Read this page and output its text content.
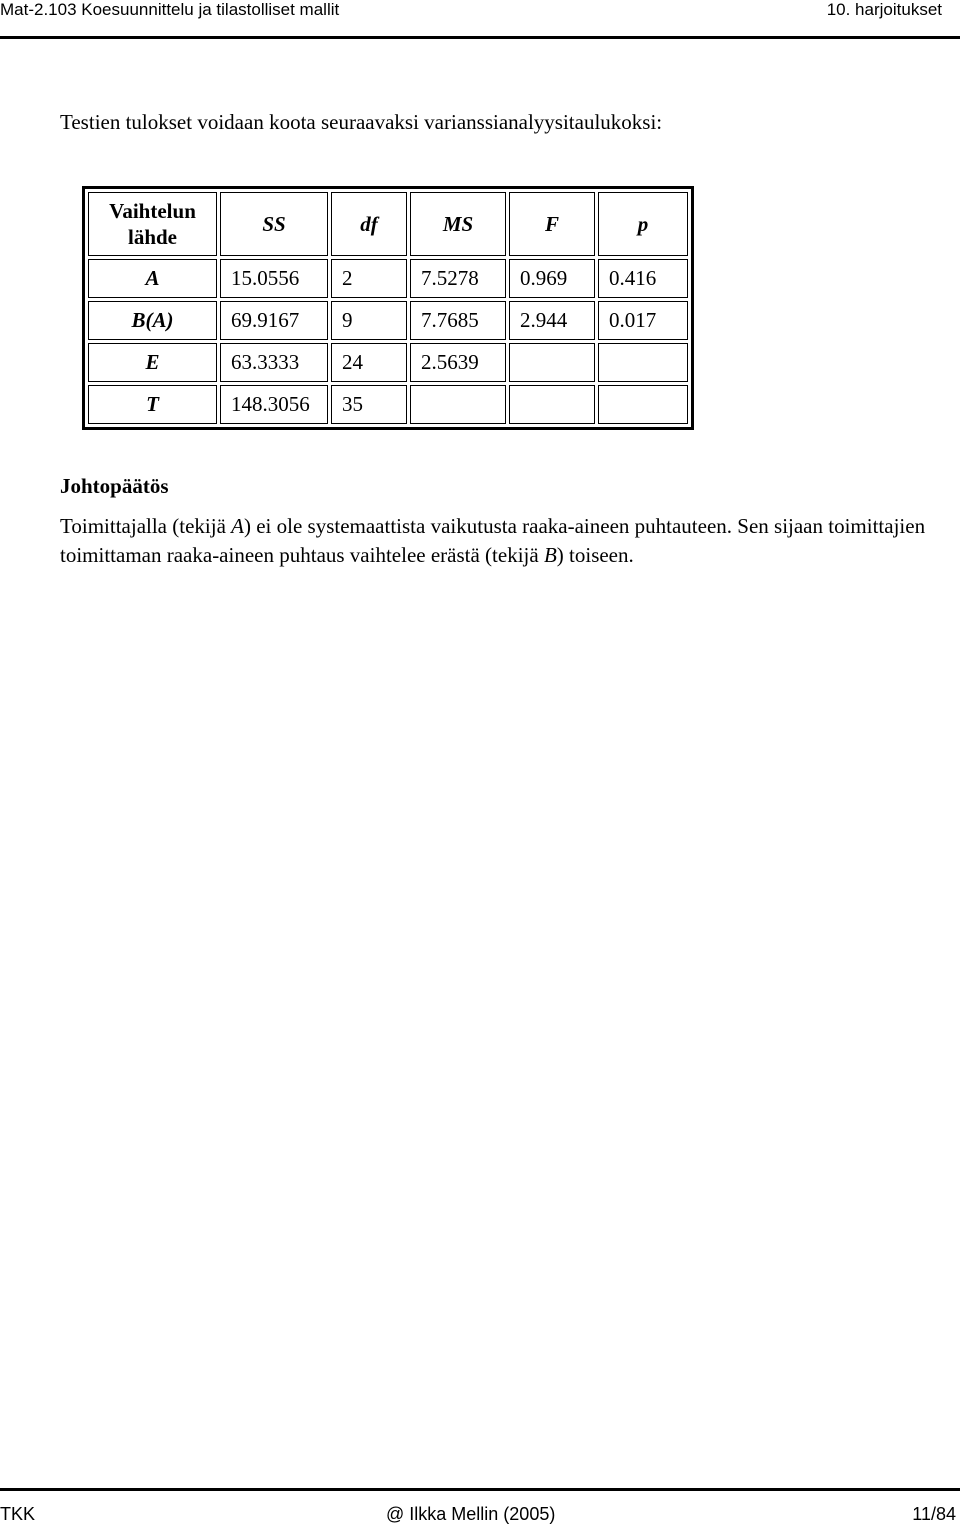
Mat-2.103 Koesuunnittelu ja tilastolliset mallit	10. harjoitukset
Testien tulokset voidaan koota seuraavaksi varianssianalyysitaulukoksi:
Vaihtelun
lähde	SS	df	MS	F	p
A	15.0556	2	7.5278	0.969	0.416
B(A)	69.9167	9	7.7685	2.944	0.017
E	63.3333	24	2.5639		
T	148.3056	35			
Johtopäätös
Toimittajalla (tekijä A) ei ole systemaattista vaikutusta raaka-aineen puhtauteen. Sen sijaan toimittajien toimittaman raaka-aineen puhtaus vaihtelee erästä (tekijä B) toiseen.
TKK	@ Ilkka Mellin (2005)	11/84
